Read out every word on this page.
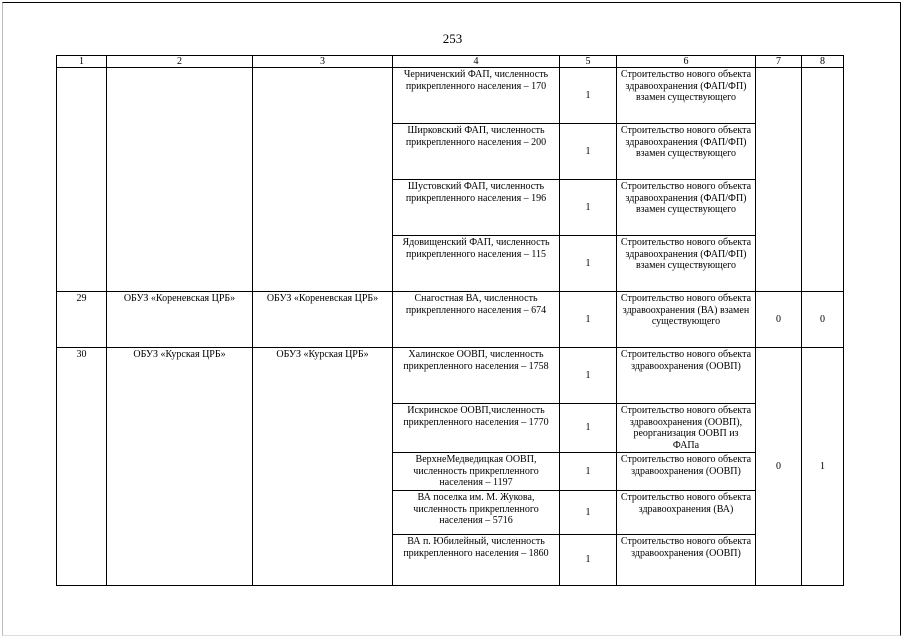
253
1	2	3	4	5	6	7	8
			Черниченский ФАП, численность прикрепленного населения – 170	1	Строительство нового объекта здравоохранения (ФАП/ФП) взамен существующего		
			Ширковский ФАП, численность прикрепленного населения – 200	1	Строительство нового объекта здравоохранения (ФАП/ФП) взамен существующего		
			Шустовский ФАП, численность прикрепленного населения – 196	1	Строительство нового объекта здравоохранения (ФАП/ФП) взамен существующего		
			Ядовищенский ФАП, численность прикрепленного населения – 115	1	Строительство нового объекта здравоохранения (ФАП/ФП) взамен существующего		
29	ОБУЗ «Кореневская ЦРБ»	ОБУЗ «Кореневская ЦРБ»	Снагостная ВА, численность прикрепленного населения – 674	1	Строительство нового объекта здравоохранения (ВА) взамен существующего	0	0
30	ОБУЗ «Курская ЦРБ»	ОБУЗ «Курская ЦРБ»	Халинское ООВП, численность прикрепленного населения – 1758	1	Строительство нового объекта здравоохранения (ООВП)	0	1
			Искринское ООВП,численность прикрепленного населения – 1770	1	Строительство нового объекта здравоохранения (ООВП), реорганизация ООВП из ФАПа		
			ВерхнеМедведицкая ООВП, численность прикрепленного населения – 1197	1	Строительство нового объекта здравоохранения (ООВП)		
			ВА поселка им. М. Жукова, численность прикрепленного населения – 5716	1	Строительство нового объекта здравоохранения (ВА)		
			ВА п. Юбилейный, численность прикрепленного населения – 1860	1	Строительство нового объекта здравоохранения (ООВП)		
